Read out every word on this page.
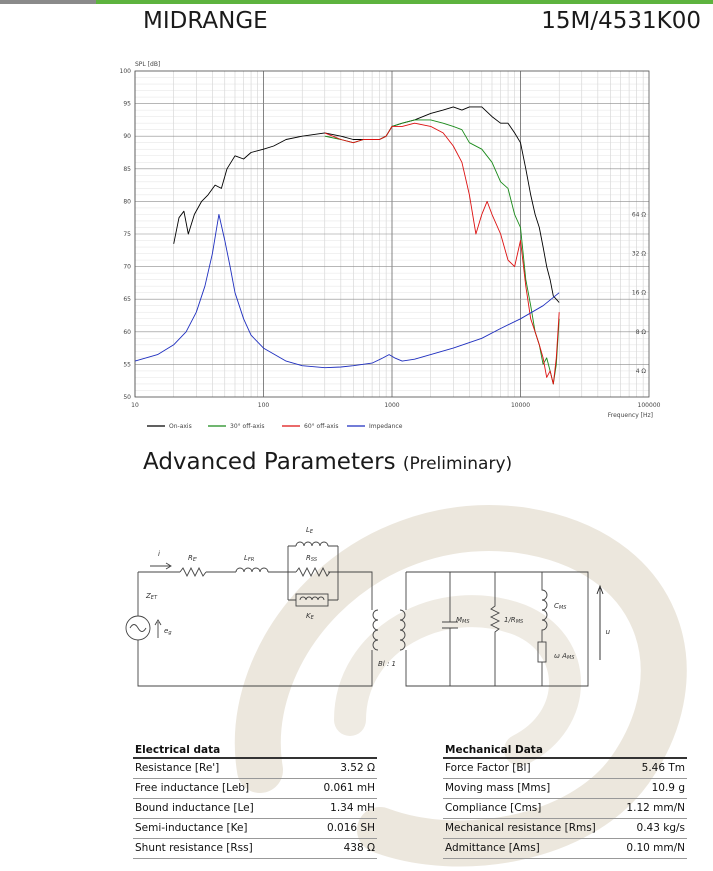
MIDRANGE	15M/4531K00
10	100	1000	10000	100000
50
55
60
65
70
75
80
85
90
95
100
4 Ω
8 Ω
16 Ω
32 Ω
64 Ω
SPL [dB]
Frequency [Hz]
On-axis	30° off-axis	60° off-axis	Impedance
Advanced Parameters (Preliminary)
i	RE'	LFR
LE
RSS
KE
ZET
eg
Bl : 1
MMS	1/RMS
CMS
ω AMS
u
Electrical data	
Resistance [Re']	3.52 Ω
Free inductance [Leb]	0.061 mH
Bound inductance [Le]	1.34 mH
Semi-inductance [Ke]	0.016 SH
Shunt resistance [Rss]	438 Ω
Mechanical Data	
Force Factor [Bl]	5.46 Tm
Moving mass [Mms]	10.9 g
Compliance [Cms]	1.12 mm/N
Mechanical resistance [Rms]	0.43 kg/s
Admittance [Ams]	0.10 mm/N
